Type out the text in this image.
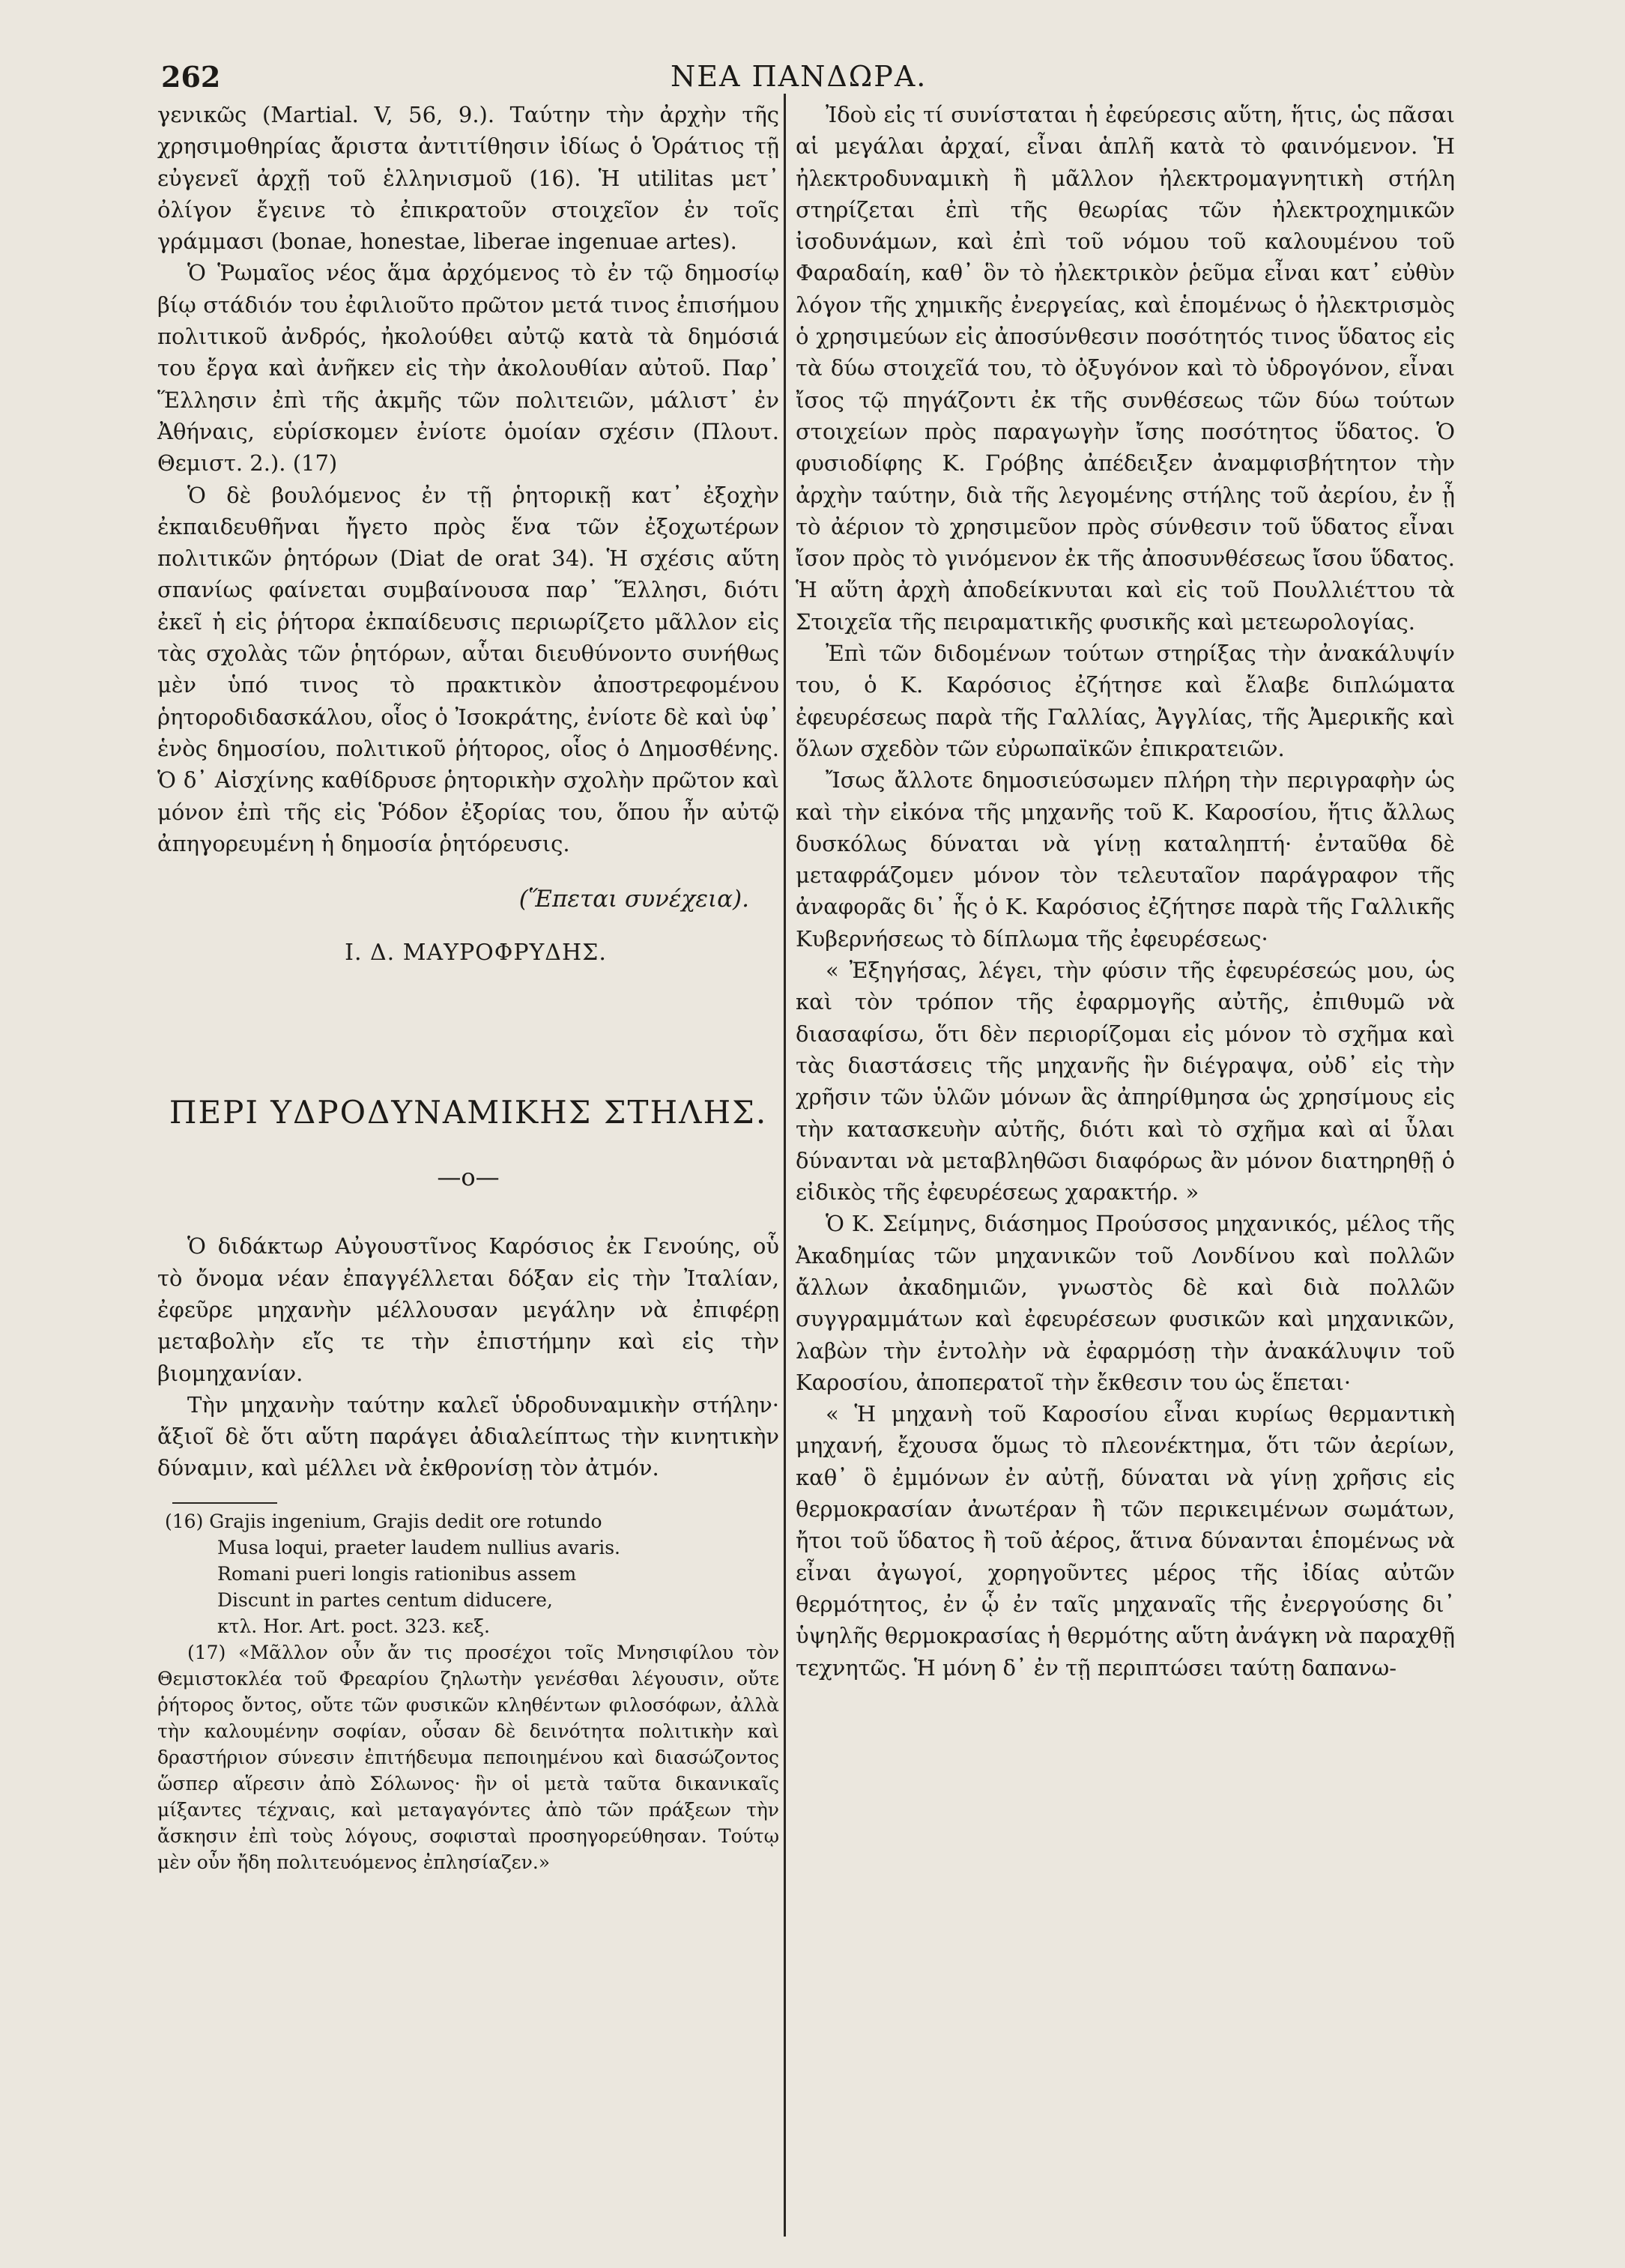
262	ΝΕΑ ΠΑΝΔΩΡΑ.

γενικῶς (Martial. V, 56, 9.). Ταύτην τὴν ἀρχὴν τῆς χρησιμοθηρίας ἄριστα ἀντιτίθησιν ἰδίως ὁ Ὁράτιος τῇ εὐγενεῖ ἀρχῇ τοῦ ἑλληνισμοῦ (16). Ἡ utilitas μετ᾿ ὀλίγον ἔγεινε τὸ ἐπικρατοῦν στοιχεῖον ἐν τοῖς γράμμασι (bonae, honestae, liberae ingenuae artes).

Ὁ Ῥωμαῖος νέος ἅμα ἀρχόμενος τὸ ἐν τῷ δημοσίῳ βίῳ στάδιόν του ἐφιλιοῦτο πρῶτον μετά τινος ἐπισήμου πολιτικοῦ ἀνδρός, ἠκολούθει αὐτῷ κατὰ τὰ δημόσιά του ἔργα καὶ ἀνῆκεν εἰς τὴν ἀκολουθίαν αὐτοῦ. Παρ᾿ Ἕλλησιν ἐπὶ τῆς ἀκμῆς τῶν πολιτειῶν, μάλιστ᾿ ἐν Ἀθήναις, εὑρίσκομεν ἐνίοτε ὁμοίαν σχέσιν (Πλουτ. Θεμιστ. 2.). (17)

Ὁ δὲ βουλόμενος ἐν τῇ ῥητορικῇ κατ᾿ ἐξοχὴν ἐκπαιδευθῆναι ἤγετο πρὸς ἕνα τῶν ἐξοχωτέρων πολιτικῶν ῥητόρων (Diat de orat 34). Ἡ σχέσις αὕτη σπανίως φαίνεται συμβαίνουσα παρ᾿ Ἕλλησι, διότι ἐκεῖ ἡ εἰς ῥήτορα ἐκπαίδευσις περιωρίζετο μᾶλλον εἰς τὰς σχολὰς τῶν ῥητόρων, αὗται διευθύνοντο συνήθως μὲν ὑπό τινος τὸ πρακτικὸν ἀποστρεφομένου ῥητοροδιδασκάλου, οἷος ὁ Ἰσοκράτης, ἐνίοτε δὲ καὶ ὑφ᾿ ἑνὸς δημοσίου, πολιτικοῦ ῥήτορος, οἷος ὁ Δημοσθένης. Ὁ δ᾿ Αἰσχίνης καθίδρυσε ῥητορικὴν σχολὴν πρῶτον καὶ μόνον ἐπὶ τῆς εἰς Ῥόδον ἐξορίας του, ὅπου ἦν αὐτῷ ἀπηγορευμένη ἡ δημοσία ῥητόρευσις.

(Ἕπεται συνέχεια).
Ι. Δ. ΜΑΥΡΟΦΡΥΔΗΣ.
ΠΕΡΙ ΥΔΡΟΔΥΝΑΜΙΚΗΣ ΣΤΗΛΗΣ.
—o—

Ὁ διδάκτωρ Αὐγουστῖνος Καρόσιος ἐκ Γενούης, οὗ τὸ ὄνομα νέαν ἐπαγγέλλεται δόξαν εἰς τὴν Ἰταλίαν, ἐφεῦρε μηχανὴν μέλλουσαν μεγάλην νὰ ἐπιφέρῃ μεταβολὴν εἴς τε τὴν ἐπιστήμην καὶ εἰς τὴν βιομηχανίαν.

Τὴν μηχανὴν ταύτην καλεῖ ὑδροδυναμικὴν στήλην· ἄξιοῖ δὲ ὅτι αὕτη παράγει ἀδιαλείπτως τὴν κινητικὴν δύναμιν, καὶ μέλλει νὰ ἐκθρονίσῃ τὸν ἀτμόν.

(16) Grajis ingenium, Grajis dedit ore rotundo
Musa loqui, praeter laudem nullius avaris.
Romani pueri longis rationibus assem
Discunt in partes centum diducere,
κτλ. Hor. Art. poct. 323. κεξ.

(17) «Μᾶλλον οὖν ἄν τις προσέχοι τοῖς Μνησιφίλου τὸν Θεμιστοκλέα τοῦ Φρεαρίου ζηλωτὴν γενέσθαι λέγουσιν, οὔτε ῥήτορος ὄντος, οὔτε τῶν φυσικῶν κληθέντων φιλοσόφων, ἀλλὰ τὴν καλουμένην σοφίαν, οὖσαν δὲ δεινότητα πολιτικὴν καὶ δραστήριον σύνεσιν ἐπιτήδευμα πεποιημένου καὶ διασώζοντος ὥσπερ αἵρεσιν ἀπὸ Σόλωνος· ἣν οἱ μετὰ ταῦτα δικανικαῖς μίξαντες τέχναις, καὶ μεταγαγόντες ἀπὸ τῶν πράξεων τὴν ἄσκησιν ἐπὶ τοὺς λόγους, σοφισταὶ προσηγορεύθησαν. Τούτῳ μὲν οὖν ἤδη πολιτευόμενος ἐπλησίαζεν.»

Ἰδοὺ εἰς τί συνίσταται ἡ ἐφεύρεσις αὕτη, ἥτις, ὡς πᾶσαι αἱ μεγάλαι ἀρχαί, εἶναι ἁπλῆ κατὰ τὸ φαινόμενον. Ἡ ἠλεκτροδυναμικὴ ἢ μᾶλλον ἠλεκτρομαγνητικὴ στήλη στηρίζεται ἐπὶ τῆς θεωρίας τῶν ἠλεκτροχημικῶν ἰσοδυνάμων, καὶ ἐπὶ τοῦ νόμου τοῦ καλουμένου τοῦ Φαραδαίη, καθ᾿ ὃν τὸ ἠλεκτρικὸν ῥεῦμα εἶναι κατ᾿ εὐθὺν λόγον τῆς χημικῆς ἐνεργείας, καὶ ἑπομένως ὁ ἠλεκτρισμὸς ὁ χρησιμεύων εἰς ἀποσύνθεσιν ποσότητός τινος ὕδατος εἰς τὰ δύω στοιχεῖά του, τὸ ὀξυγόνον καὶ τὸ ὑδρογόνον, εἶναι ἴσος τῷ πηγάζοντι ἐκ τῆς συνθέσεως τῶν δύω τούτων στοιχείων πρὸς παραγωγὴν ἴσης ποσότητος ὕδατος. Ὁ φυσιοδίφης Κ. Γρόβης ἀπέδειξεν ἀναμφισβήτητον τὴν ἀρχὴν ταύτην, διὰ τῆς λεγομένης στήλης τοῦ ἀερίου, ἐν ᾗ τὸ ἀέριον τὸ χρησιμεῦον πρὸς σύνθεσιν τοῦ ὕδατος εἶναι ἴσον πρὸς τὸ γινόμενον ἐκ τῆς ἀποσυνθέσεως ἴσου ὕδατος. Ἡ αὕτη ἀρχὴ ἀποδείκνυται καὶ εἰς τοῦ Πουλλιέττου τὰ Στοιχεῖα τῆς πειραματικῆς φυσικῆς καὶ μετεωρολογίας.

Ἐπὶ τῶν διδομένων τούτων στηρίξας τὴν ἀνακάλυψίν του, ὁ Κ. Καρόσιος ἐζήτησε καὶ ἔλαβε διπλώματα ἐφευρέσεως παρὰ τῆς Γαλλίας, Ἀγγλίας, τῆς Ἀμερικῆς καὶ ὅλων σχεδὸν τῶν εὐρωπαϊκῶν ἐπικρατειῶν.

Ἴσως ἄλλοτε δημοσιεύσωμεν πλήρη τὴν περιγραφὴν ὡς καὶ τὴν εἰκόνα τῆς μηχανῆς τοῦ Κ. Καροσίου, ἥτις ἄλλως δυσκόλως δύναται νὰ γίνῃ καταληπτή· ἐνταῦθα δὲ μεταφράζομεν μόνον τὸν τελευταῖον παράγραφον τῆς ἀναφορᾶς δι᾿ ἧς ὁ Κ. Καρόσιος ἐζήτησε παρὰ τῆς Γαλλικῆς Κυβερνήσεως τὸ δίπλωμα τῆς ἐφευρέσεως·

« Ἐξηγήσας, λέγει, τὴν φύσιν τῆς ἐφευρέσεώς μου, ὡς καὶ τὸν τρόπον τῆς ἐφαρμογῆς αὐτῆς, ἐπιθυμῶ νὰ διασαφίσω, ὅτι δὲν περιορίζομαι εἰς μόνον τὸ σχῆμα καὶ τὰς διαστάσεις τῆς μηχανῆς ἣν διέγραψα, οὐδ᾿ εἰς τὴν χρῆσιν τῶν ὑλῶν μόνων ἃς ἀπηρίθμησα ὡς χρησίμους εἰς τὴν κατασκευὴν αὐτῆς, διότι καὶ τὸ σχῆμα καὶ αἱ ὗλαι δύνανται νὰ μεταβληθῶσι διαφόρως ἂν μόνον διατηρηθῇ ὁ εἰδικὸς τῆς ἐφευρέσεως χαρακτήρ. »

Ὁ Κ. Σείμηνς, διάσημος Προύσσος μηχανικός, μέλος τῆς Ἀκαδημίας τῶν μηχανικῶν τοῦ Λονδίνου καὶ πολλῶν ἄλλων ἀκαδημιῶν, γνωστὸς δὲ καὶ διὰ πολλῶν συγγραμμάτων καὶ ἐφευρέσεων φυσικῶν καὶ μηχανικῶν, λαβὼν τὴν ἐντολὴν νὰ ἐφαρμόσῃ τὴν ἀνακάλυψιν τοῦ Καροσίου, ἀποπερατοῖ τὴν ἔκθεσιν του ὡς ἕπεται·

« Ἡ μηχανὴ τοῦ Καροσίου εἶναι κυρίως θερμαντικὴ μηχανή, ἔχουσα ὅμως τὸ πλεονέκτημα, ὅτι τῶν ἀερίων, καθ᾿ ὃ ἐμμόνων ἐν αὐτῇ, δύναται νὰ γίνῃ χρῆσις εἰς θερμοκρασίαν ἀνωτέραν ἢ τῶν περικειμένων σωμάτων, ἤτοι τοῦ ὕδατος ἢ τοῦ ἀέρος, ἅτινα δύνανται ἑπομένως νὰ εἶναι ἀγωγοί, χορηγοῦντες μέρος τῆς ἰδίας αὐτῶν θερμότητος, ἐν ᾧ ἐν ταῖς μηχαναῖς τῆς ἐνεργούσης δι᾿ ὑψηλῆς θερμοκρασίας ἡ θερμότης αὕτη ἀνάγκη νὰ παραχθῇ τεχνητῶς. Ἡ μόνη δ᾿ ἐν τῇ περιπτώσει ταύτῃ δαπανω-
